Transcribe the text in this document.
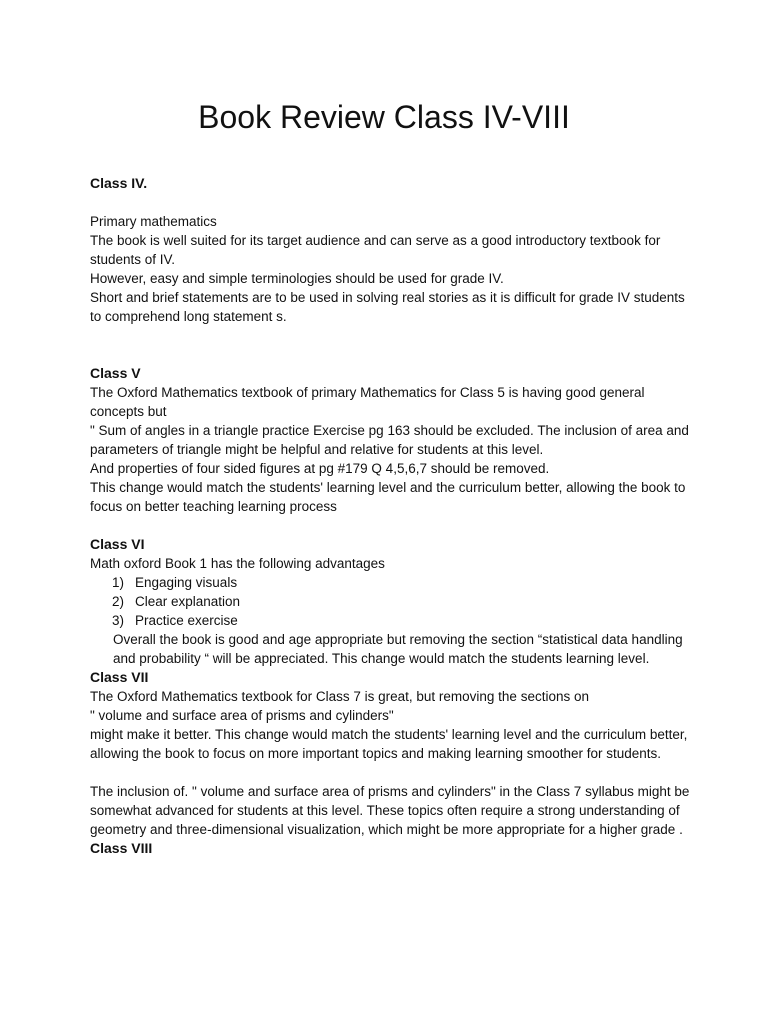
Book Review Class IV-VIII

Class IV.

Primary mathematics

The book is well suited for its target audience and can serve as a good introductory textbook for students of IV.

However, easy and simple terminologies should be used for grade IV.

Short and brief statements are to be used in solving real stories as it is difficult for grade IV students to comprehend long statement s.

Class V

The Oxford Mathematics textbook of primary Mathematics for Class 5 is having good general concepts but

" Sum of angles in a triangle practice Exercise pg 163 should be excluded. The inclusion of area and parameters of triangle might be helpful and relative for students at this level.

And properties of four sided figures at pg #179 Q 4,5,6,7 should be removed.

This change would match the students' learning level and the curriculum better, allowing the book to focus on better teaching learning process

Class VI

Math oxford Book 1 has the following advantages

1) Engaging visuals
2) Clear explanation
3) Practice exercise

Overall the book is good and age appropriate but removing the section “statistical data handling and probability “ will be appreciated. This change would match the students learning level.

Class VII

The Oxford Mathematics textbook for Class 7 is great, but removing the sections on

" volume and surface area of prisms and cylinders"

might make it better. This change would match the students' learning level and the curriculum better, allowing the book to focus on more important topics and making learning smoother for students.

The inclusion of. " volume and surface area of prisms and cylinders" in the Class 7 syllabus might be somewhat advanced for students at this level. These topics often require a strong understanding of geometry and three-dimensional visualization, which might be more appropriate for a higher grade .

Class VIII
